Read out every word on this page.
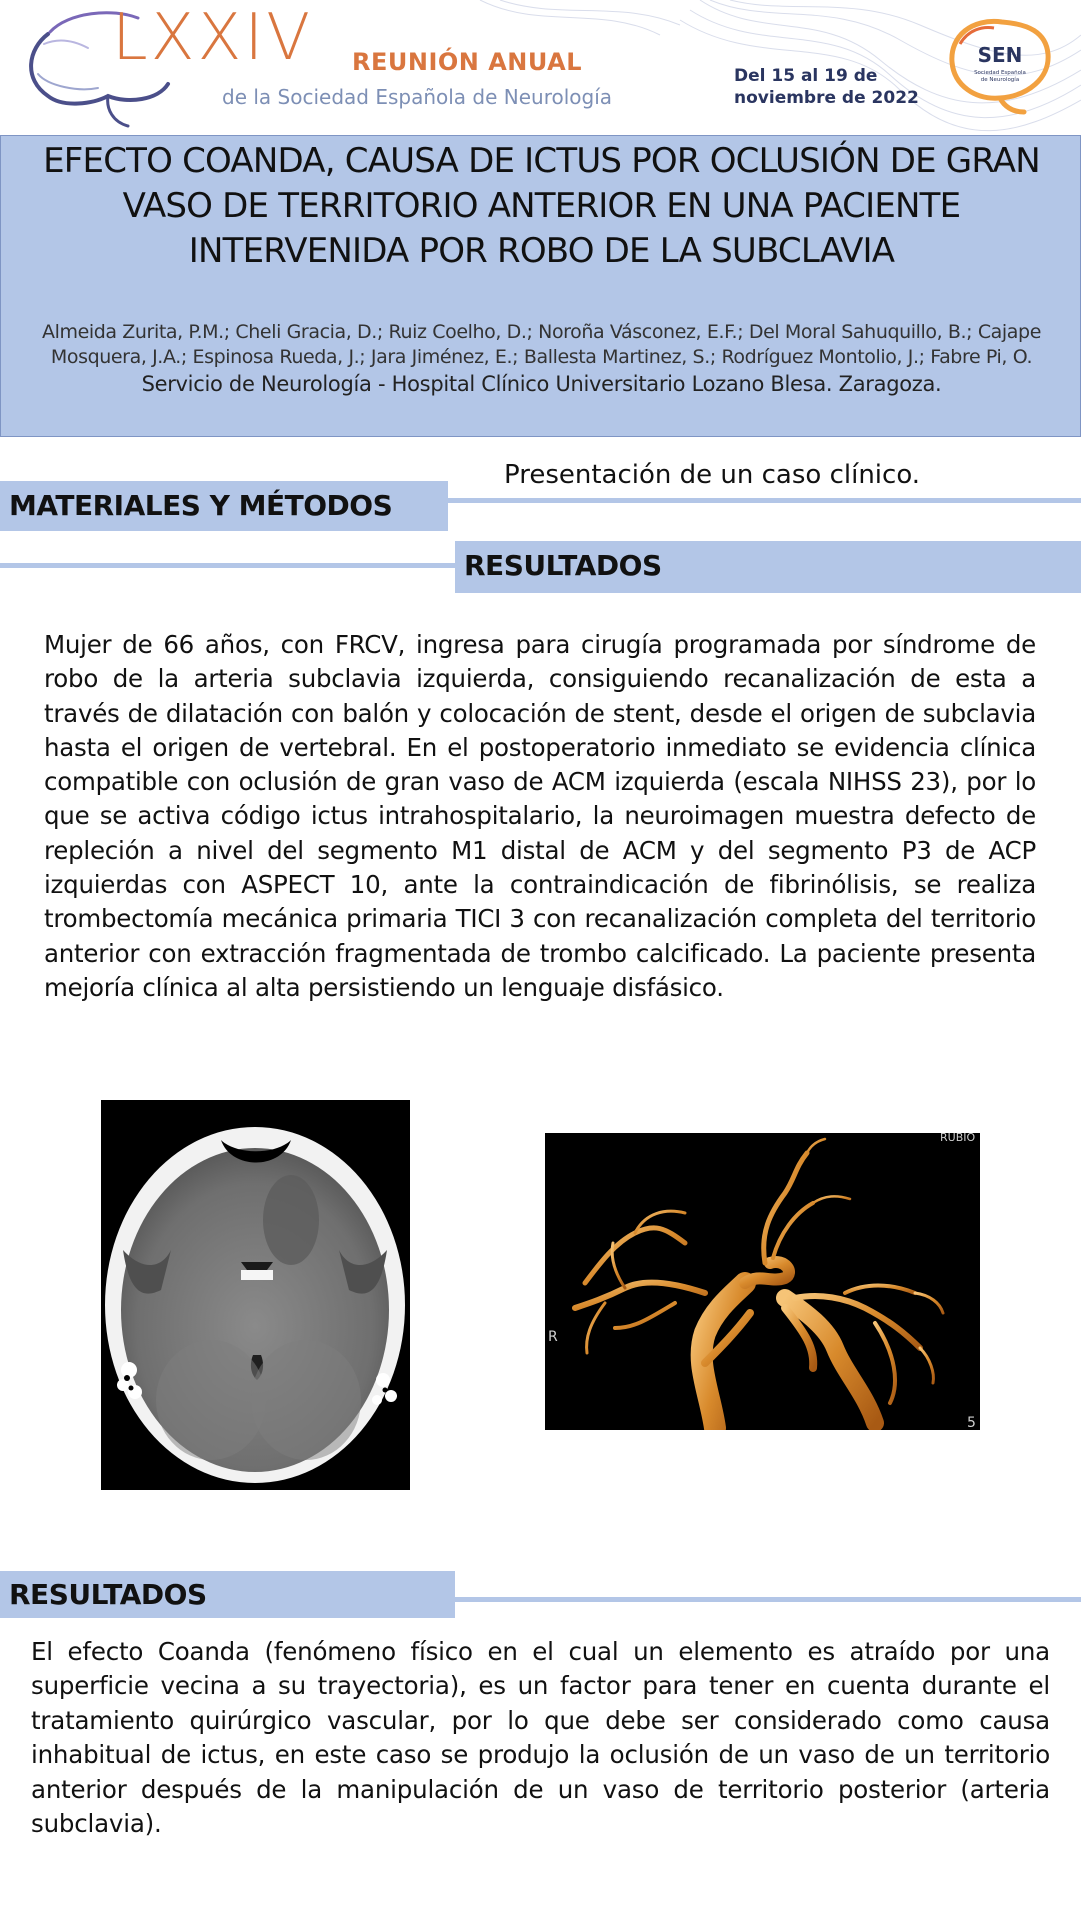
LXXIV REUNIÓN ANUAL
de la Sociedad Española de Neurología
Del 15 al 19 de
noviembre de 2022
SEN
Sociedad Española
de Neurología
EFECTO COANDA, CAUSA DE ICTUS POR OCLUSIÓN DE GRAN
VASO DE TERRITORIO ANTERIOR EN UNA PACIENTE
INTERVENIDA POR ROBO DE LA SUBCLAVIA
Almeida Zurita, P.M.; Cheli Gracia, D.; Ruiz Coelho, D.; Noroña Vásconez, E.F.; Del Moral Sahuquillo, B.; Cajape
Mosquera, J.A.; Espinosa Rueda, J.; Jara Jiménez, E.; Ballesta Martinez, S.; Rodríguez Montolio, J.; Fabre Pi, O.
Servicio de Neurología - Hospital Clínico Universitario Lozano Blesa. Zaragoza.
MATERIALES Y MÉTODOS
Presentación de un caso clínico.
RESULTADOS
Mujer de 66 años, con FRCV, ingresa para cirugía programada por síndrome de robo de la arteria subclavia izquierda, consiguiendo recanalización de esta a través de dilatación con balón y colocación de stent, desde el origen de subclavia hasta el origen de vertebral. En el postoperatorio inmediato se evidencia clínica compatible con oclusión de gran vaso de ACM izquierda (escala NIHSS 23), por lo que se activa código ictus intrahospitalario, la neuroimagen muestra defecto de repleción a nivel del segmento M1 distal de ACM y del segmento P3 de ACP izquierdas con ASPECT 10, ante la contraindicación de fibrinólisis, se realiza trombectomía mecánica primaria TICI 3 con recanalización completa del territorio anterior con extracción fragmentada de trombo calcificado. La paciente presenta mejoría clínica al alta persistiendo un lenguaje disfásico.
RUBIO
R
5
RESULTADOS
El efecto Coanda (fenómeno físico en el cual un elemento es atraído por una superficie vecina a su trayectoria), es un factor para tener en cuenta durante el tratamiento quirúrgico vascular, por lo que debe ser considerado como causa inhabitual de ictus, en este caso se produjo la oclusión de un vaso de un territorio anterior después de la manipulación de un vaso de territorio posterior (arteria subclavia).
